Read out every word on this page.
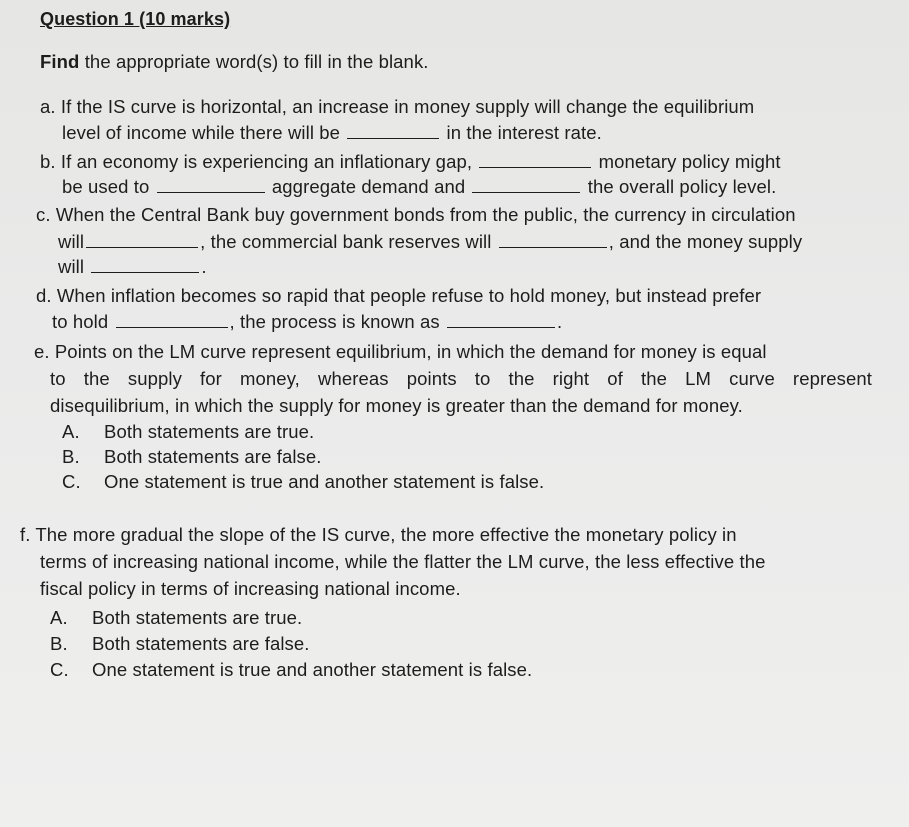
Question 1 (10 marks)
Find the appropriate word(s) to fill in the blank.
a. If the IS curve is horizontal, an increase in money supply will change the equilibrium
level of income while there will be	in the interest rate.
b. If an economy is experiencing an inflationary gap,	monetary policy might
be used to	aggregate demand and	the overall policy level.
c. When the Central Bank buy government bonds from the public, the currency in circulation
will	, the commercial bank reserves will	, and the money supply
will	.
d. When inflation becomes so rapid that people refuse to hold money, but instead prefer
to hold	, the process is known as	.
e. Points on the LM curve represent equilibrium, in which the demand for money is equal
to the supply for money, whereas points to the right of the LM curve represent
disequilibrium, in which the supply for money is greater than the demand for money.
A. Both statements are true.
B. Both statements are false.
C. One statement is true and another statement is false.
f. The more gradual the slope of the IS curve, the more effective the monetary policy in
terms of increasing national income, while the flatter the LM curve, the less effective the
fiscal policy in terms of increasing national income.
A. Both statements are true.
B. Both statements are false.
C. One statement is true and another statement is false.
